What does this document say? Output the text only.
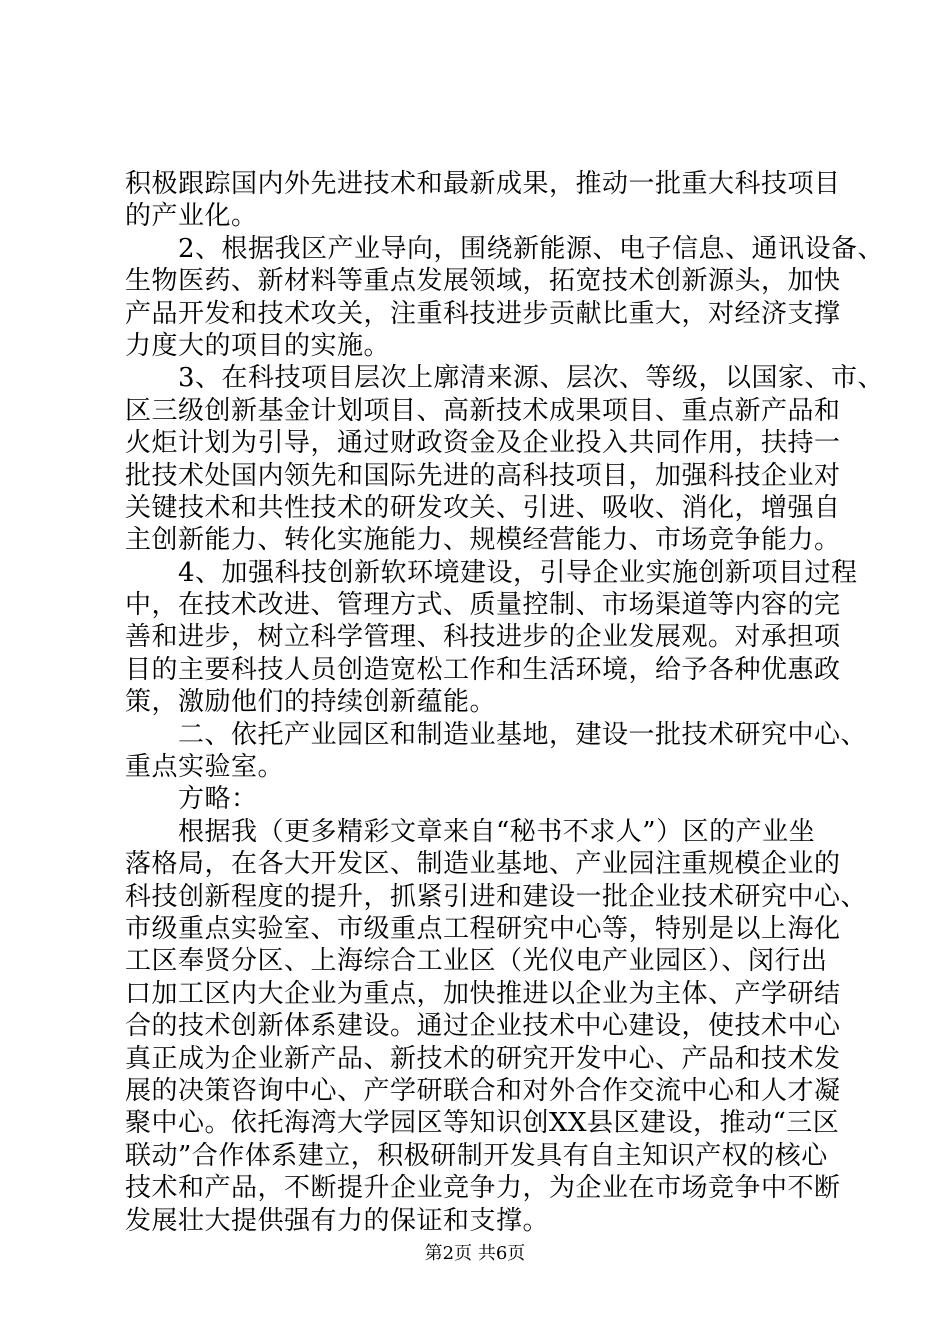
积极跟踪国内外先进技术和最新成果，推动一批重大科技项目
的产业化。
　　2、根据我区产业导向，围绕新能源、电子信息、通讯设备、
生物医药、新材料等重点发展领域，拓宽技术创新源头，加快
产品开发和技术攻关，注重科技进步贡献比重大，对经济支撑
力度大的项目的实施。
　　3、在科技项目层次上廓清来源、层次、等级，以国家、市、
区三级创新基金计划项目、高新技术成果项目、重点新产品和
火炬计划为引导，通过财政资金及企业投入共同作用，扶持一
批技术处国内领先和国际先进的高科技项目，加强科技企业对
关键技术和共性技术的研发攻关、引进、吸收、消化，增强自
主创新能力、转化实施能力、规模经营能力、市场竞争能力。
　　4、加强科技创新软环境建设，引导企业实施创新项目过程
中，在技术改进、管理方式、质量控制、市场渠道等内容的完
善和进步，树立科学管理、科技进步的企业发展观。对承担项
目的主要科技人员创造宽松工作和生活环境，给予各种优惠政
策，激励他们的持续创新蕴能。
　　二、依托产业园区和制造业基地，建设一批技术研究中心、
重点实验室。
　　方略：
　　根据我（更多精彩文章来自“秘书不求人”）区的产业坐
落格局，在各大开发区、制造业基地、产业园注重规模企业的
科技创新程度的提升，抓紧引进和建设一批企业技术研究中心、
市级重点实验室、市级重点工程研究中心等，特别是以上海化
工区奉贤分区、上海综合工业区（光仪电产业园区）、闵行出
口加工区内大企业为重点，加快推进以企业为主体、产学研结
合的技术创新体系建设。通过企业技术中心建设，使技术中心
真正成为企业新产品、新技术的研究开发中心、产品和技术发
展的决策咨询中心、产学研联合和对外合作交流中心和人才凝
聚中心。依托海湾大学园区等知识创XX县区建设，推动“三区
联动”合作体系建立，积极研制开发具有自主知识产权的核心
技术和产品，不断提升企业竞争力，为企业在市场竞争中不断
发展壮大提供强有力的保证和支撑。
第2页 共6页
